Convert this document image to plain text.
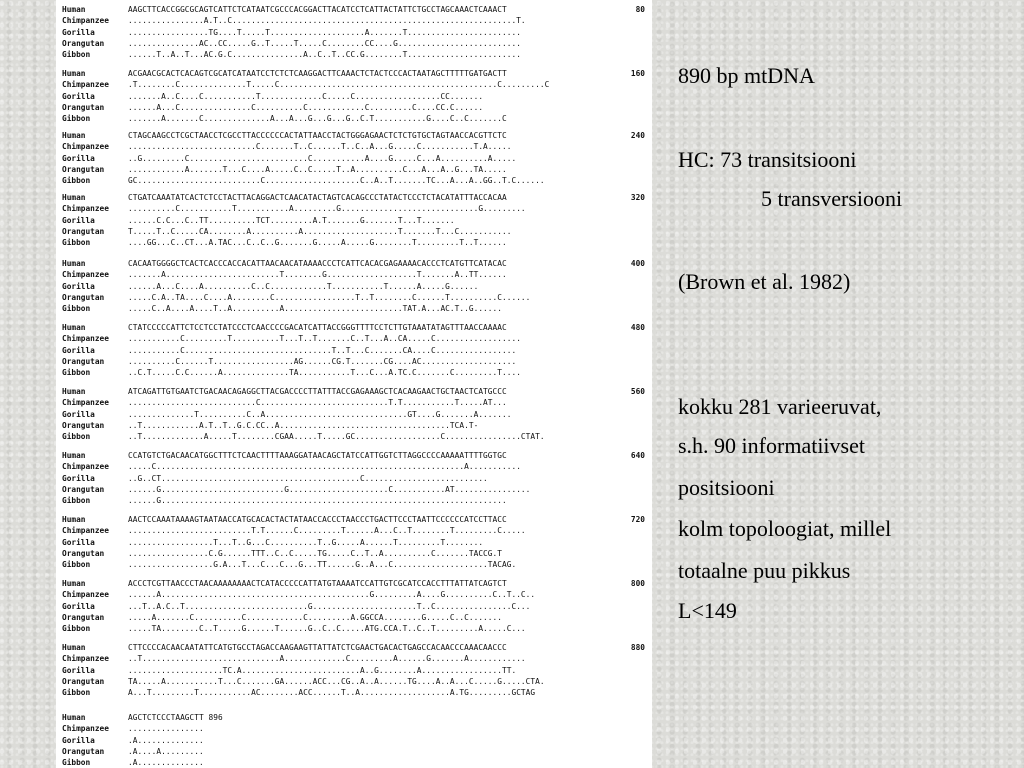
Human	AAGCTTCACCGGCGCAGTCATTCTCATAATCGCCCACGGACTTACATCCTCATTACTATTCTGCCTAGCAAACTCAAACT	80
Chimpanzee	................A.T..C............................................................T.
Gorilla	.................TG....T.....T....................A.......T........................
Orangutan	...............AC..CC.....G..T.....T.....C........CC....G..........................
Gibbon	......T..A..T...AC.G.C...............A..C..T..CC.G........T........................
Human	ACGAACGCACTCACAGTCGCATCATAATCCTCTCTCAAGGACTTCAAACTCTACTCCCACTAATAGCTTTTTGATGACTT	160
Chimpanzee	.T........C..............T.....C..............................................C.........C
Gorilla	.......A..C....C...........T.............C.....C..................CC.......
Orangutan	......A...C...............C..........C............C.........C....CC.C......
Gibbon	.......A.......C..............A...A...G...G...G..C.T...........G....C..C.......C
Human	CTAGCAAGCCTCGCTAACCTCGCCTTACCCCCCACTATTAACCTACTGGGAGAACTCTCTGTGCTAGTAACCACGTTCTC	240
Chimpanzee	...........................C.......T..C......T..C..A...G.....C...........T.A.....
Gorilla	..G.........C.........................C...........A....G.....C...A..........A.....
Orangutan	............A.......T...C....A.....C..C.....T..A..........C...A...A..G...TA.....
Gibbon	GC..........................C....................C..A..T.......TC...A...A..GG..T.C......
Human	CTGATCAAATATCACTCTCCTACTTACAGGACTCAACATACTAGTCACAGCCCTATACTCCCTCTACATATTTACCACAA	320
Chimpanzee	..........C...........T...........A.........G.............................G.........
Gorilla	......C.C...C..TT..........TCT.........A.T.......G.......T...T.......
Orangutan	T.....T..C.....CA........A..........A....................T.......T...C...........
Gibbon	....GG...C..CT...A.TAC...C..C..G.......G.....A.....G........T.........T..T......
Human	CACAATGGGGCTCACTCACCCACCACATTAACAACATAAAACCCTCATTCACACGAGAAAACACCCTCATGTTCATACAC	400
Chimpanzee	.......A........................T........G...................T.......A..TT......
Gorilla	......A...C....A..........C..C............T...........T......A.....G......
Orangutan	.....C.A..TA....C....A........C.................T..T........C......T..........C......
Gibbon	.....C..A....A....T..A..........A.........................TAT.A...AC.T..G......
Human	CTATCCCCCATTCTCCTCCTATCCCTCAACCCCGACATCATTACCGGGTTTTCCTCTTGTAAATATAGTTTAACCAAAAC	480
Chimpanzee	...........C.........T..........T...T..T.......C..T...A..CA.....C..................
Gorilla	...........C...............................T..T...C.......CA....C.................
Orangutan	..........C......T.................AG......CG.T.......CG....AC....................
Gibbon	..C.T.....C.C......A..............TA...........T...C...A.TC.C.......C.........T....
Human	ATCAGATTGTGAATCTGACAACAGAGGCTTACGACCCCTTATTTACCGAGAAAGCTCACAAGAACTGCTAACTCATGCCC	560
Chimpanzee	...........................C...........................T.T...........T.....AT...
Gorilla	..............T..........C..A..............................GT....G.......A.......
Orangutan	..T............A.T..T..G.C.CC..A....................................TCA.T-
Gibbon	..T.............A.....T........CGAA.....T.....GC..................C................CTAT.
Human	CCATGTCTGACAACATGGCTTTCTCAACTTTTAAAGGATAACAGCTATCCATTGGTCTTAGGCCCCAAAAATTTTGGTGC	640
Chimpanzee	.....C.................................................................A...........
Gorilla	..G..CT..........................................C..........................
Orangutan	......G..........................G.....................C...........AT................
Gibbon	......G.........................................................................
Human	AACTCCAAATAAAAGTAATAACCATGCACACTACTATAACCACCCTAACCCTGACTTCCCTAATTCCCCCCATCCTTACC	720
Chimpanzee	..........................T.T......C.........T......A...C..T........T.........C.....
Gorilla	..................T...T..G...C..........T..G.....A......T.........T........
Orangutan	.................C.G......TTT..C..C.....TG.....C..T..A..........C.......TACCG.T
Gibbon	..................G.A...T...C...C...G...TT......G..A...C....................TACAG.
Human	ACCCTCGTTAACCCTAACAAAAAAAACTCATACCCCCATTATGTAAAATCCATTGTCGCATCCACCTTTATTATCAGTCT	800
Chimpanzee	......A............................................G.........A....G..........C..T..C..
Gorilla	...T..A.C..T..........................G......................T..C................C...
Orangutan	.....A.......C..........C............C.........A.GGCCA........G.....C..C.......
Gibbon	.....TA........C..T.....G......T......G..C..C.....ATG.CCA.T..C..T.........A.....C...
Human	CTTCCCCACAACAATATTCATGTGCCTAGACCAAGAAGTTATTATCTCGAACTGACACTGAGCCACAACCCAAACAACCC	880
Chimpanzee	..T.............................A.............C.........A......G.......A............
Gorilla	....................TC.A.........................A..G........A.................TT.
Orangutan	TA.....A...........T...C.......GA......ACC...CG..A..A......TG....A..A...C.....G.....CTA.
Gibbon	A...T.........T...........AC........ACC......T..A...................A.TG.........GCTAG
Human	AGCTCTCCCTAAGCTT 896
Chimpanzee	................
Gorilla	.A..............
Orangutan	.A....A.........
Gibbon	.A..............
890 bp mtDNA
HC: 73 transitsiooni
5 transversiooni
(Brown et al. 1982)
kokku 281 varieeruvat,
s.h. 90 informatiivset
positsiooni
kolm topoloogiat, millel
totaalne puu pikkus
L<149
